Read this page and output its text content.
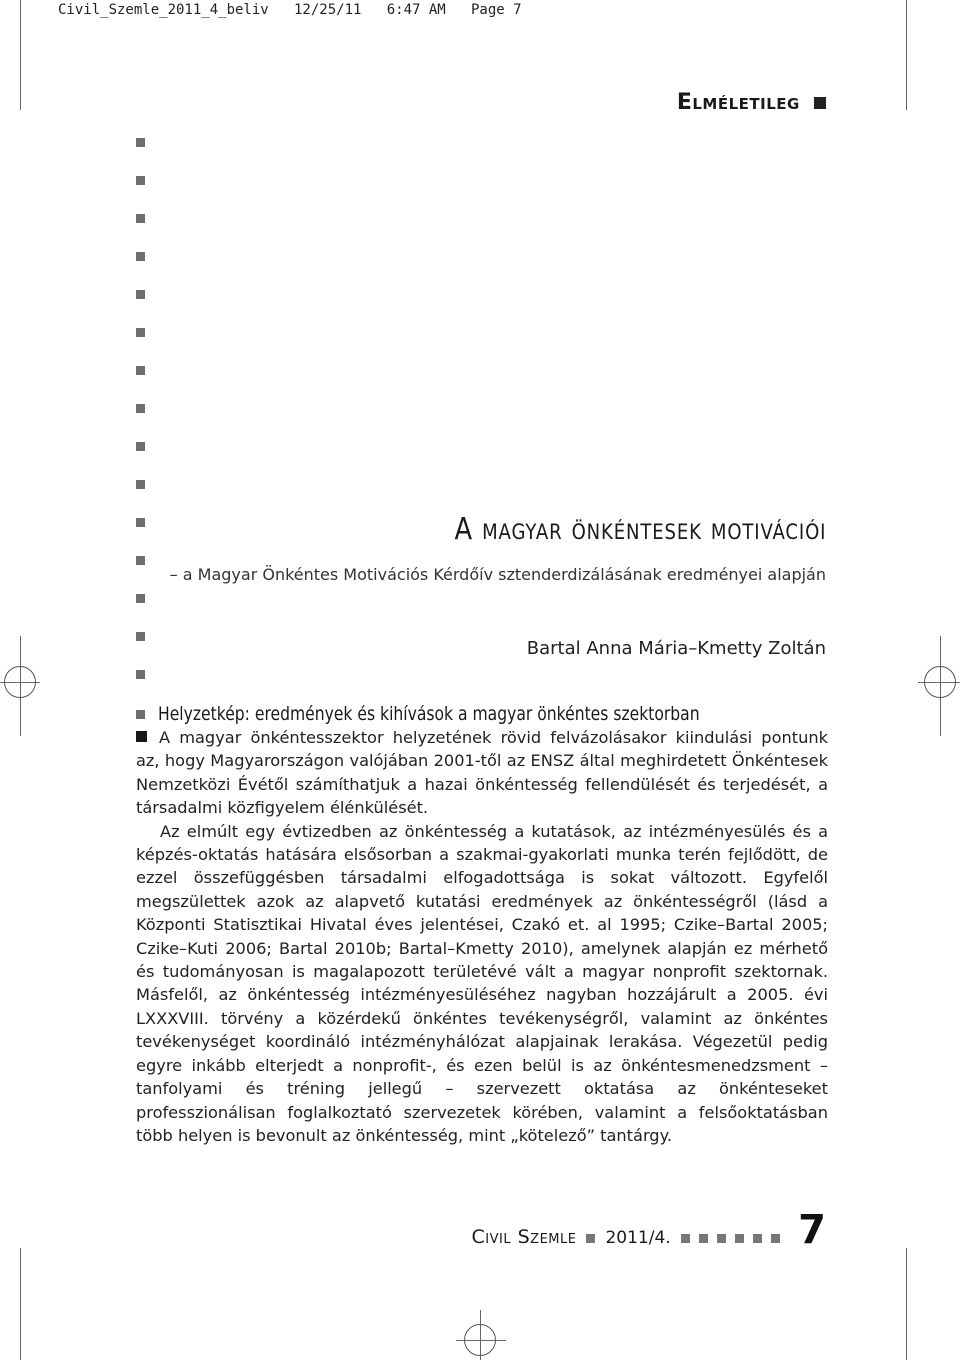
Civil_Szemle_2011_4_beliv   12/25/11   6:47 AM   Page 7
Elméletileg
A magyar önkéntesek motivációi
– a Magyar Önkéntes Motivációs Kérdőív sztenderdizálásának eredményei alapján
Bartal Anna Mária–Kmetty Zoltán
Helyzetkép: eredmények és kihívások a magyar önkéntes szektorban

A magyar önkéntesszektor helyzetének rövid felvázolásakor kiindulási pontunk az, hogy Magyarországon valójában 2001-től az ENSZ által meghirdetett Önkéntesek Nemzetközi Évétől számíthatjuk a hazai önkéntesség fellendülését és terjedését, a társadalmi közfigyelem élénkülését.

Az elmúlt egy évtizedben az önkéntesség a kutatások, az intézményesülés és a képzés-oktatás hatására elsősorban a szakmai-gyakorlati munka terén fejlődött, de ezzel összefüggésben társadalmi elfogadottsága is sokat változott. Egyfelől megszülettek azok az alapvető kutatási eredmények az önkéntességről (lásd a Központi Statisztikai Hivatal éves jelentései, Czakó et. al 1995; Czike–Bartal 2005; Czike–Kuti 2006; Bartal 2010b; Bartal–Kmetty 2010), amelynek alapján ez mérhető és tudományosan is magalapozott területévé vált a magyar nonprofit szektornak. Másfelől, az önkéntesség intézményesüléséhez nagyban hozzájárult a 2005. évi LXXXVIII. törvény a közérdekű önkéntes tevékenységről, valamint az önkéntes tevékenységet koordináló intézményhálózat alapjainak lerakása. Végezetül pedig egyre inkább elterjedt a nonprofit-, és ezen belül is az önkéntesmenedzsment – tanfolyami és tréning jellegű – szervezett oktatása az önkénteseket professzionálisan foglalkoztató szervezetek körében, valamint a felsőoktatásban több helyen is bevonult az önkéntesség, mint „kötelező” tantárgy.

Civil Szemle 2011/4.
	7
